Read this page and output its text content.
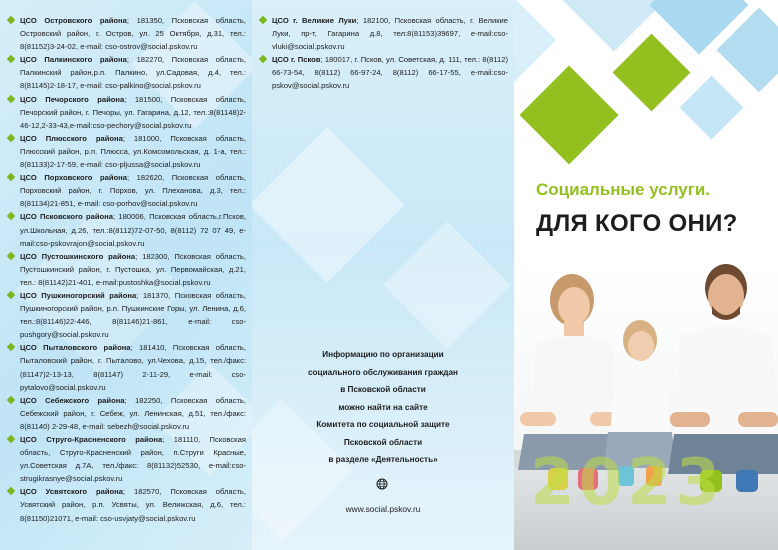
ЦСО Островского района; 181350, Псковская область, Островский район, г. Остров, ул. 25 Октября, д.31, тел.: 8(81152)3-24-02, e-mail: cso-ostrov@social.pskov.ru
ЦСО Палкинского района; 182270, Псковская область, Палкинский район,р.п. Палкино, ул.Садовая, д.4, тел.: 8(81145)2-18-17, e-mail: cso-palkino@social.pskov.ru
ЦСО Печорского района; 181500, Псковская область, Печорский район, г. Печоры, ул. Гагарина, д.12, тел.:8(81148)2-46-12,2-33-43,e-mail:cso-pechory@social.pskov.ru
ЦСО Плюсского района; 181000, Псковская область, Плюсский район, р.п. Плюсса, ул.Комсомольская, д. 1-а, тел.: 8(81133)2-17-59, e-mail: cso-pljussa@social.pskov.ru
ЦСО Порховского района; 182620, Псковская область, Порховский район, г. Порхов, ул. Плеханова, д.3, тел.: 8(81134)21-851, e-mail: cso-porhov@social.pskov.ru
ЦСО Псковского района; 180006, Псковская область,г.Псков, ул.Школьная, д.26, тел.:8(8112)72-07-50, 8(8112) 72 07 49, e-mail:cso-pskovrajon@social.pskov.ru
ЦСО Пустошкинского района; 182300, Псковская область, Пустошкинский район, г. Пустошка, ул. Первомайская, д.21, тел.: 8(81142)21-401, e-mail:pustoshka@social.pskov.ru
ЦСО Пушкиногорский района; 181370, Псковская область, Пушкиногорский район, р.п. Пушкинские Горы, ул. Ленина, д.6, тел.:8(81146)22-446, 8(81146)21-861, e-mail: cso-pushgory@social.pskov.ru
ЦСО Пыталовского района; 181410, Псковская область, Пыталовский район, г. Пыталово, ул.Чехова, д.15, тел./факс: (81147)2-13-13, 8(81147) 2-11-29, e-mail: cso-pytalovo@social.pskov.ru
ЦСО Себежского района; 182250, Псковская область, Себежский район, г. Себеж, ул. Ленинская, д.51, тел./факс: 8(81140) 2-29-48, e-mail: sebezh@social.pskov.ru
ЦСО Струго-Красненского района; 181110, Псковская область, Струго-Красненский район, п.Струги Красные, ул.Советская д.7А, тел./факс: 8(81132)52530, e-mail:cso-strugikrasnye@social.pskov.ru
ЦСО Усвятского района; 182570, Псковская область, Усвятский район, р.п. Усвяты, ул. Велижская, д.6, тел.: 8(81150)21071, e-mail: cso-usvjaty@social.pskov.ru
ЦСО г. Великие Луки; 182100, Псковская область, г. Великие Луки, пр-т, Гагарина д.8, тел:8(81153)39697, e-mail:cso-vluki@social.pskov.ru
ЦСО г. Псков; 180017, г. Псков, ул. Советская, д. 111, тел.: 8(8112) 66-73-54, 8(8112) 66-97-24, 8(8112) 66-17-55, e-mail:cso-pskov@social.pskov.ru
Информацию по организации
социального обслуживания граждан
в Псковской области
можно найти на сайте
Комитета по социальной защите
Псковской области
в разделе «Деятельность»
www.social.pskov.ru
Социальные услуги.
ДЛЯ КОГО ОНИ?
2023
